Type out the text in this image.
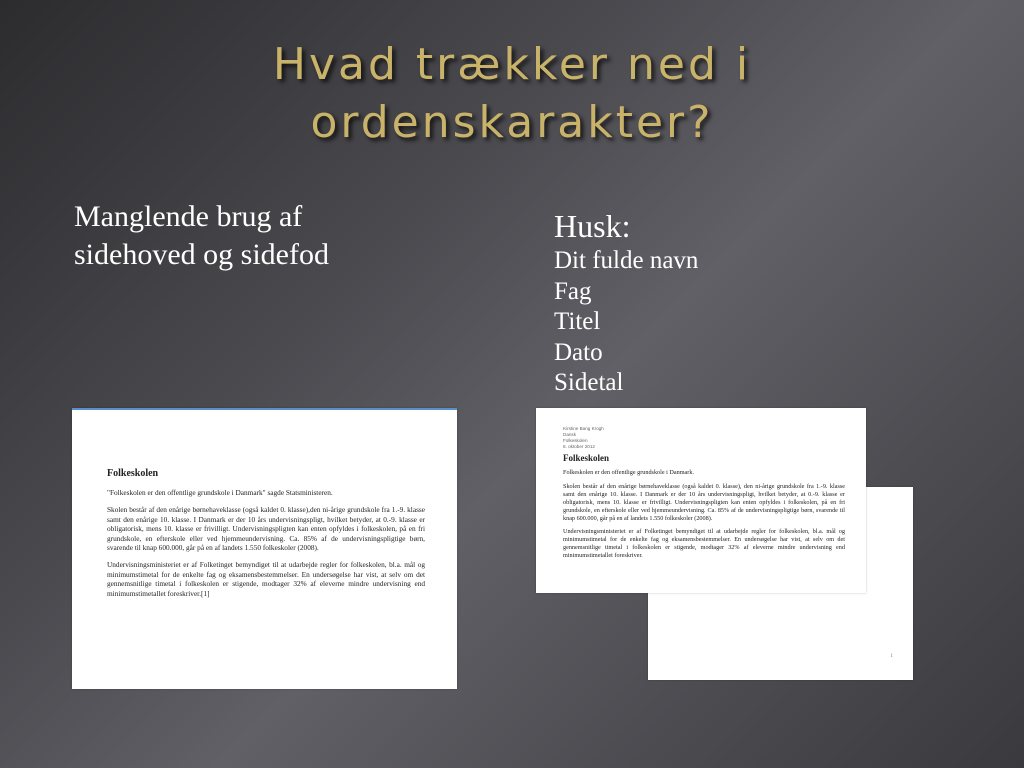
Hvad trækker ned i
ordenskarakter?
Manglende brug af
sidehoved og sidefod
Husk:
Dit fulde navn
Fag
Titel
Dato
Sidetal
Folkeskolen

"Folkeskolen er den offentlige grundskole i Danmark" sagde Statsministeren.

Skolen består af den enårige børnehaveklasse (også kaldet 0. klasse),den ni-årige grundskole fra 1.-9. klasse samt den enårige 10. klasse. I Danmark er der 10 års undervisningspligt, hvilket betyder, at 0.-9. klasse er obligatorisk, mens 10. klasse er frivilligt. Undervisningspligten kan enten opfyldes i folkeskolen, på en fri grundskole, en efterskole eller ved hjemmeundervisning. Ca. 85% af de undervisningspligtige børn, svarende til knap 600.000, går på en af landets 1.550 folkeskoler (2008).

Undervisningsministeriet er af Folketinget bemyndiget til at udarbejde regler for folkeskolen, bl.a. mål og minimumstimetal for de enkelte fag og eksamensbestemmelser. En undersøgelse har vist, at selv om det gennemsnitlige timetal i folkeskolen er stigende, modtager 32% af eleverne mindre undervisning end minimumstimetallet foreskriver.[1]

1
Kirstine Bang Krogh
Dansk
Folkeskolen
8. oktober 2012
Folkeskolen

Folkeskolen er den offentlige grundskole i Danmark.

Skolen består af den enårige børnehaveklasse (også kaldet 0. klasse), den ni-årige grundskole fra 1.-9. klasse samt den enårige 10. klasse. I Danmark er der 10 års undervisningspligt, hvilket betyder, at 0.-9. klasse er obligatorisk, mens 10. klasse er frivilligt. Undervisningspligten kan enten opfyldes i folkeskolen, på en fri grundskole, en efterskole eller ved hjemmeundervisning. Ca. 85% af de undervisningspligtige børn, svarende til knap 600.000, går på en af landets 1.550 folkeskoler (2008).

Undervisningsministeriet er af Folketinget bemyndiget til at udarbejde regler for folkeskolen, bl.a. mål og minimumstimetal for de enkelte fag og eksamensbestemmelser. En undersøgelse har vist, at selv om det gennemsnitlige timetal i folkeskolen er stigende, modtager 32% af eleverne mindre undervisning end minimumstimetallet foreskriver.
